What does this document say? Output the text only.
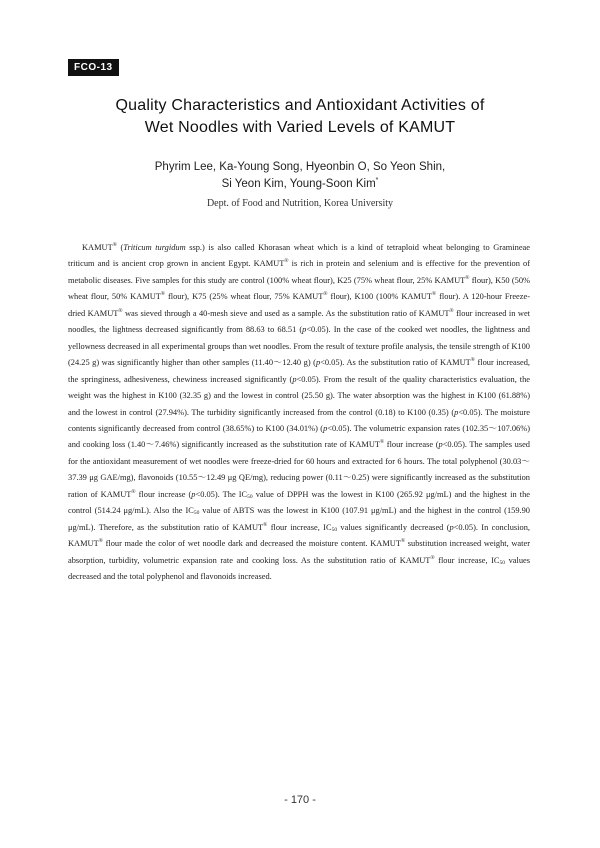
FCO-13
Quality Characteristics and Antioxidant Activities of
Wet Noodles with Varied Levels of KAMUT
Phyrim Lee, Ka-Young Song, Hyeonbin O, So Yeon Shin,
Si Yeon Kim, Young-Soon Kim*
Dept. of Food and Nutrition, Korea University

KAMUT® (Triticum turgidum ssp.) is also called Khorasan wheat which is a kind of tetraploid wheat belonging to Gramineae triticum and is ancient crop grown in ancient Egypt. KAMUT® is rich in protein and selenium and is effective for the prevention of metabolic diseases. Five samples for this study are control (100% wheat flour), K25 (75% wheat flour, 25% KAMUT® flour), K50 (50% wheat flour, 50% KAMUT® flour), K75 (25% wheat flour, 75% KAMUT® flour), K100 (100% KAMUT® flour). A 120-hour Freeze-dried KAMUT® was sieved through a 40-mesh sieve and used as a sample. As the substitution ratio of KAMUT® flour increased in wet noodles, the lightness decreased significantly from 88.63 to 68.51 (p<0.05). In the case of the cooked wet noodles, the lightness and yellowness decreased in all experimental groups than wet noodles. From the result of texture profile analysis, the tensile strength of K100 (24.25 g) was significantly higher than other samples (11.40～12.40 g) (p<0.05). As the substitution ratio of KAMUT® flour increased, the springiness, adhesiveness, chewiness increased significantly (p<0.05). From the result of the quality characteristics evaluation, the weight was the highest in K100 (32.35 g) and the lowest in control (25.50 g). The water absorption was the highest in K100 (61.88%) and the lowest in control (27.94%). The turbidity significantly increased from the control (0.18) to K100 (0.35) (p<0.05). The moisture contents significantly decreased from control (38.65%) to K100 (34.01%) (p<0.05). The volumetric expansion rates (102.35～107.06%) and cooking loss (1.40～7.46%) significantly increased as the substitution rate of KAMUT® flour increase (p<0.05). The samples used for the antioxidant measurement of wet noodles were freeze-dried for 60 hours and extracted for 6 hours. The total polyphenol (30.03～37.39 μg GAE/mg), flavonoids (10.55～12.49 μg QE/mg), reducing power (0.11～0.25) were significantly increased as the substitution ration of KAMUT® flour increase (p<0.05). The $IC_{50}$ value of DPPH was the lowest in K100 (265.92 μg/mL) and the highest in the control (514.24 μg/mL). Also the $IC_{50}$ value of ABTS was the lowest in K100 (107.91 μg/mL) and the highest in the control (159.90 μg/mL). Therefore, as the substitution ratio of KAMUT® flour increase, $IC_{50}$ values significantly decreased (p<0.05). In conclusion, KAMUT® flour made the color of wet noodle dark and decreased the moisture content. KAMUT® substitution increased weight, water absorption, turbidity, volumetric expansion rate and cooking loss. As the substitution ratio of KAMUT® flour increase, $IC_{50}$ values decreased and the total polyphenol and flavonoids increased.

- 170 -
